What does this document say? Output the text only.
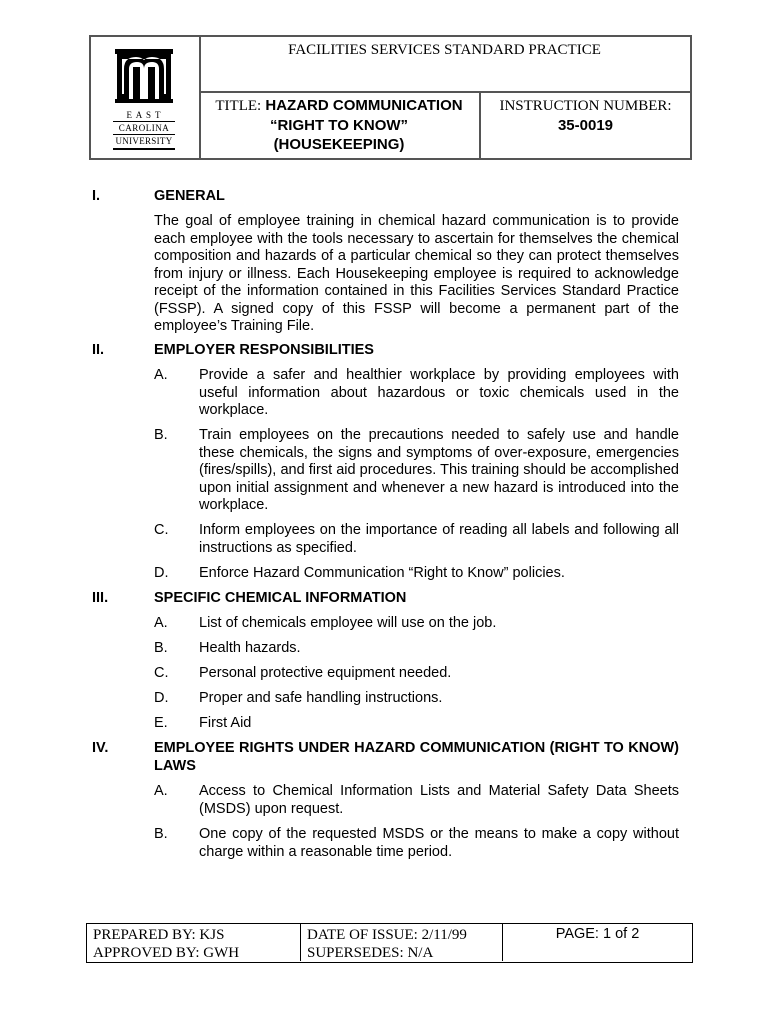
E A S T
CAROLINA
UNIVERSITY
FACILITIES SERVICES STANDARD PRACTICE
TITLE: HAZARD COMMUNICATION
“RIGHT TO KNOW”
(HOUSEKEEPING)
INSTRUCTION NUMBER:
35-0019
I.	GENERAL
The goal of employee training in chemical hazard communication is to provide each employee with the tools necessary to ascertain for themselves the chemical composition and hazards of a particular chemical so they can protect themselves from injury or illness. Each Housekeeping employee is required to acknowledge receipt of the information contained in this Facilities Services Standard Practice (FSSP). A signed copy of this FSSP will become a permanent part of the employee’s Training File.
II.	EMPLOYER RESPONSIBILITIES
A. Provide a safer and healthier workplace by providing employees with useful information about hazardous or toxic chemicals used in the workplace.
B. Train employees on the precautions needed to safely use and handle these chemicals, the signs and symptoms of over-exposure, emergencies (fires/spills), and first aid procedures. This training should be accomplished upon initial assignment and whenever a new hazard is introduced into the workplace.
C. Inform employees on the importance of reading all labels and following all instructions as specified.
D. Enforce Hazard Communication “Right to Know” policies.
III.	SPECIFIC CHEMICAL INFORMATION
A. List of chemicals employee will use on the job.
B. Health hazards.
C. Personal protective equipment needed.
D. Proper and safe handling instructions.
E. First Aid
IV.	EMPLOYEE RIGHTS UNDER HAZARD COMMUNICATION (RIGHT TO KNOW) LAWS
A. Access to Chemical Information Lists and Material Safety Data Sheets (MSDS) upon request.
B. One copy of the requested MSDS or the means to make a copy without charge within a reasonable time period.
PREPARED BY: KJS
APPROVED BY: GWH
DATE OF ISSUE: 2/11/99
SUPERSEDES: N/A
PAGE: 1 of 2
